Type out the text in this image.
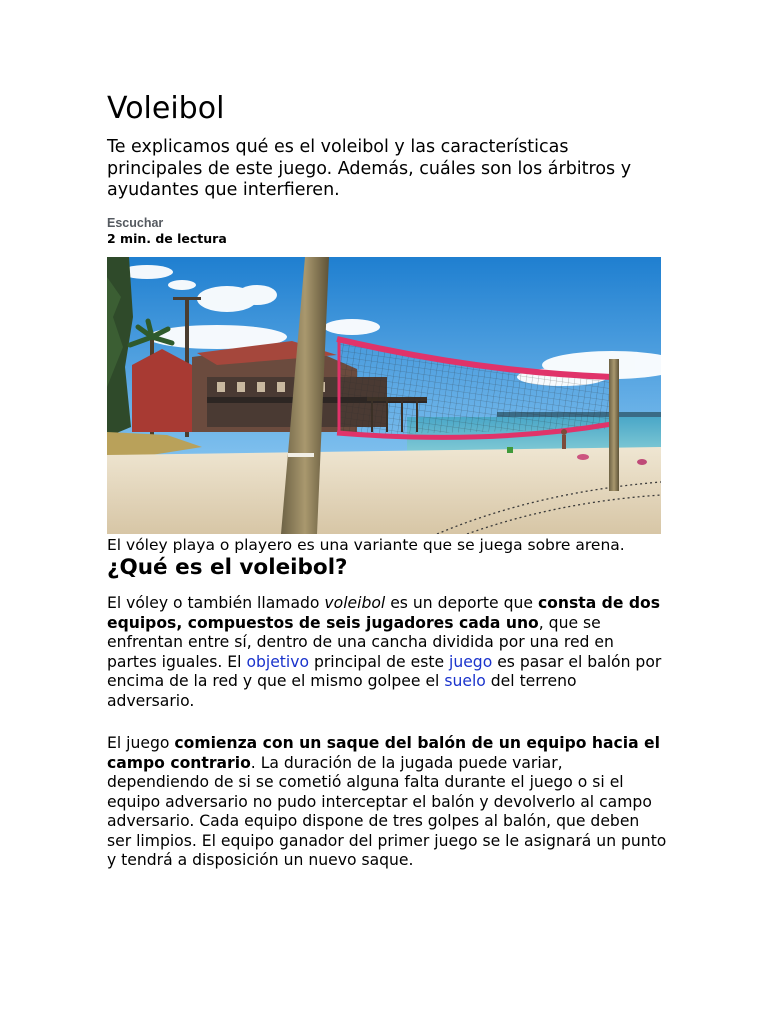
Voleibol

Te explicamos qué es el voleibol y las características principales de este juego. Además, cuáles son los árbitros y ayudantes que interfieren.

Escuchar
2 min. de lectura
El vóley playa o playero es una variante que se juega sobre arena.
¿Qué es el voleibol?

El vóley o también llamado voleibol es un deporte que consta de dos equipos, compuestos de seis jugadores cada uno, que se enfrentan entre sí, dentro de una cancha dividida por una red en partes iguales. El objetivo principal de este juego es pasar el balón por encima de la red y que el mismo golpee el suelo del terreno adversario.

El juego comienza con un saque del balón de un equipo hacia el campo contrario. La duración de la jugada puede variar, dependiendo de si se cometió alguna falta durante el juego o si el equipo adversario no pudo interceptar el balón y devolverlo al campo adversario. Cada equipo dispone de tres golpes al balón, que deben ser limpios. El equipo ganador del primer juego se le asignará un punto y tendrá a disposición un nuevo saque.
